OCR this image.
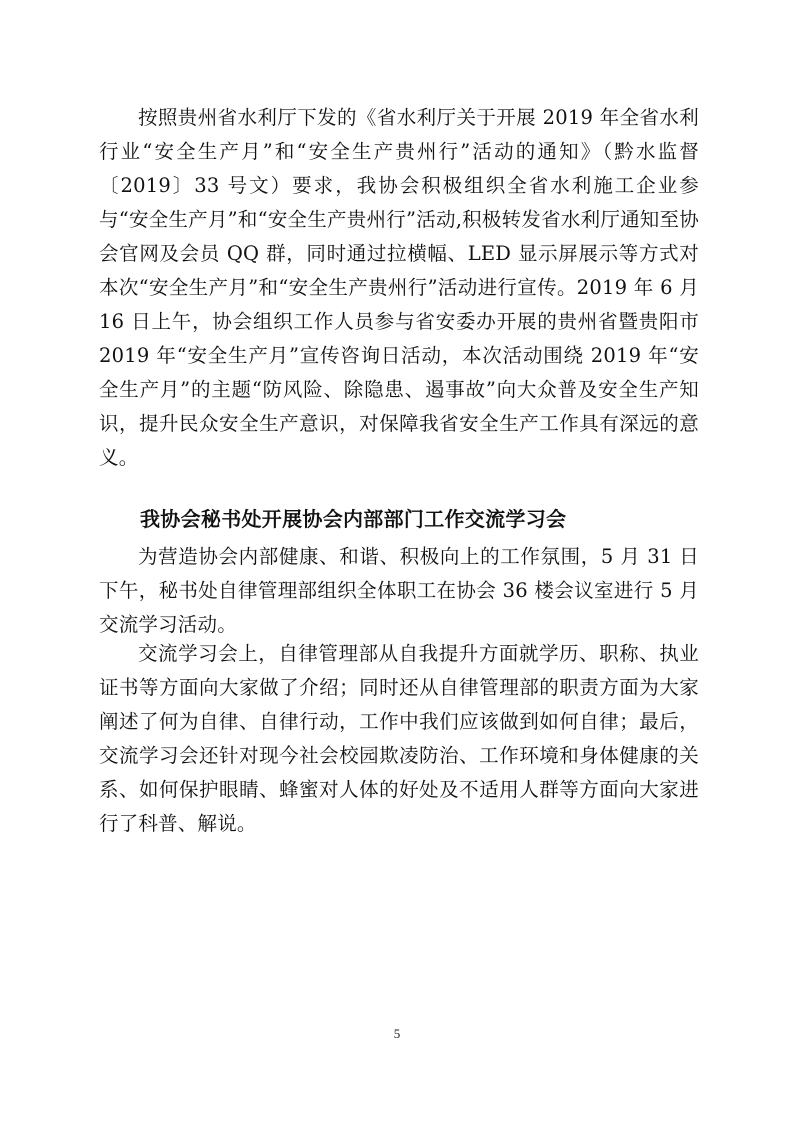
按照贵州省水利厅下发的《省水利厅关于开展 2019 年全省水利行业“安全生产月”和“安全生产贵州行”活动的通知》（黔水监督〔2019〕33 号文）要求，我协会积极组织全省水利施工企业参与“安全生产月”和“安全生产贵州行”活动,积极转发省水利厅通知至协会官网及会员 QQ 群，同时通过拉横幅、LED 显示屏展示等方式对本次“安全生产月”和“安全生产贵州行”活动进行宣传。2019 年 6 月 16 日上午，协会组织工作人员参与省安委办开展的贵州省暨贵阳市 2019 年“安全生产月”宣传咨询日活动，本次活动围绕 2019 年“安全生产月”的主题“防风险、除隐患、遏事故”向大众普及安全生产知识，提升民众安全生产意识，对保障我省安全生产工作具有深远的意义。

我协会秘书处开展协会内部部门工作交流学习会

为营造协会内部健康、和谐、积极向上的工作氛围，5 月 31 日下午，秘书处自律管理部组织全体职工在协会 36 楼会议室进行 5 月交流学习活动。

交流学习会上，自律管理部从自我提升方面就学历、职称、执业证书等方面向大家做了介绍；同时还从自律管理部的职责方面为大家阐述了何为自律、自律行动，工作中我们应该做到如何自律；最后，交流学习会还针对现今社会校园欺凌防治、工作环境和身体健康的关系、如何保护眼睛、蜂蜜对人体的好处及不适用人群等方面向大家进行了科普、解说。

5
